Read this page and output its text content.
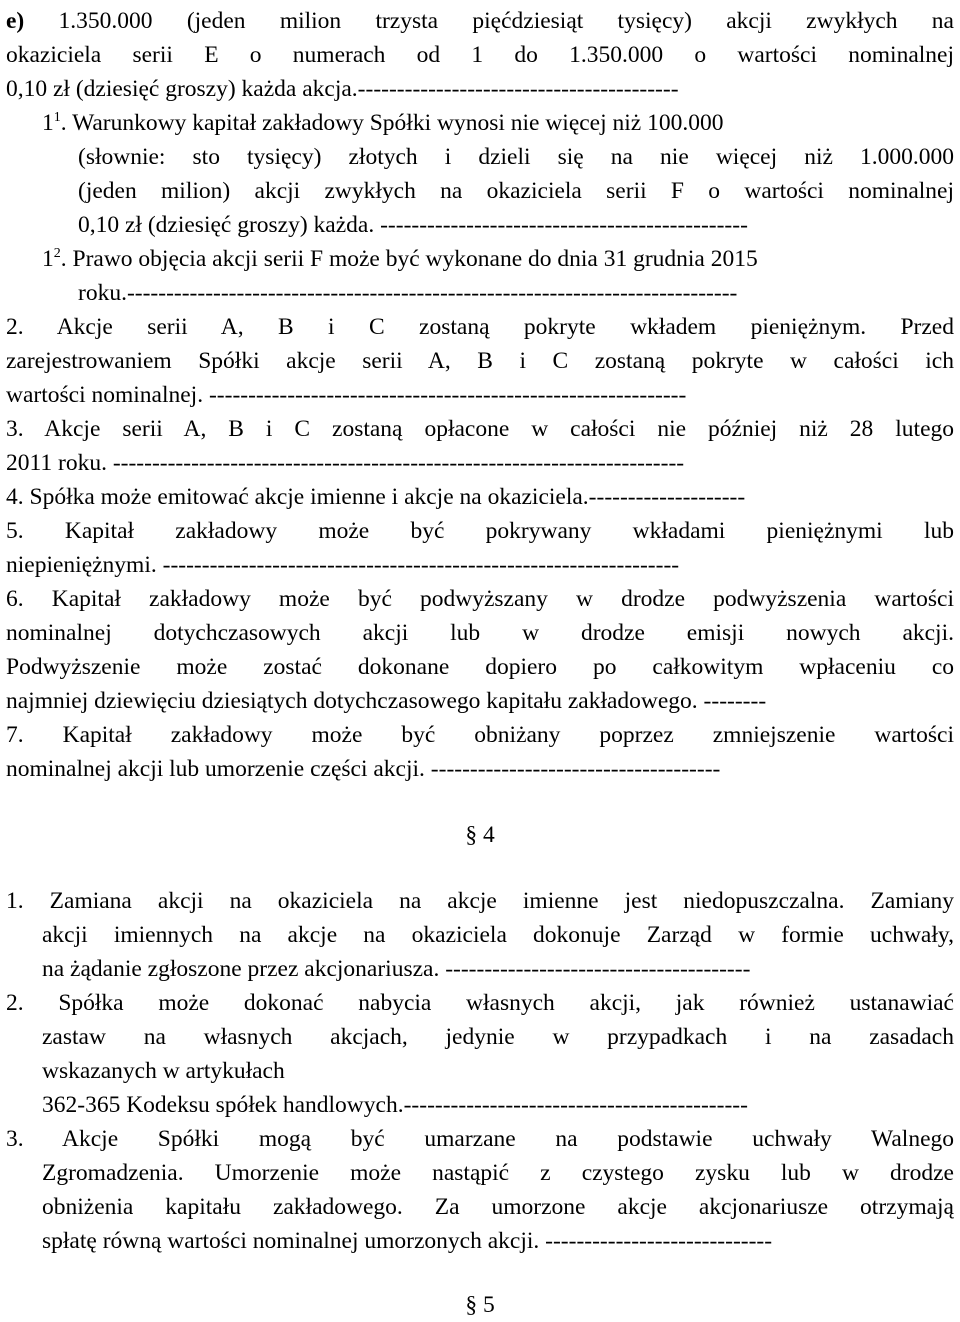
e) 1.350.000 (jeden milion trzysta pięćdziesiąt tysięcy) akcji zwykłych na
okaziciela serii E o numerach od 1 do 1.350.000 o wartości nominalnej
0,10 zł (dziesięć groszy) każda akcja.-----------------------------------------
$1^1$. Warunkowy kapitał zakładowy Spółki wynosi nie więcej niż 100.000
(słownie: sto tysięcy) złotych i dzieli się na nie więcej niż 1.000.000
(jeden milion) akcji zwykłych na okaziciela serii F o wartości nominalnej
0,10 zł (dziesięć groszy) każda. -----------------------------------------------
$1^2$. Prawo objęcia akcji serii F może być wykonane do dnia 31 grudnia 2015
roku.------------------------------------------------------------------------------
2. Akcje serii A, B i C zostaną pokryte wkładem pieniężnym. Przed
zarejestrowaniem Spółki akcje serii A, B i C zostaną pokryte w całości ich
wartości nominalnej. -------------------------------------------------------------
3. Akcje serii A, B i C zostaną opłacone w całości nie później niż 28 lutego
2011 roku. -------------------------------------------------------------------------
4. Spółka może emitować akcje imienne i akcje na okaziciela.--------------------
5. Kapitał zakładowy może być pokrywany wkładami pieniężnymi lub
niepieniężnymi. ------------------------------------------------------------------
6. Kapitał zakładowy może być podwyższany w drodze podwyższenia wartości
nominalnej dotychczasowych akcji lub w drodze emisji nowych akcji.
Podwyższenie może zostać dokonane dopiero po całkowitym wpłaceniu co
najmniej dziewięciu dziesiątych dotychczasowego kapitału zakładowego. --------
7. Kapitał zakładowy może być obniżany poprzez zmniejszenie wartości
nominalnej akcji lub umorzenie części akcji. -------------------------------------
§ 4
1. Zamiana akcji na okaziciela na akcje imienne jest niedopuszczalna. Zamiany
akcji imiennych na akcje na okaziciela dokonuje Zarząd w formie uchwały,
na żądanie zgłoszone przez akcjonariusza. ---------------------------------------
2. Spółka może dokonać nabycia własnych akcji, jak również ustanawiać
zastaw na własnych akcjach, jedynie w przypadkach i na zasadach
wskazanych w artykułach
362-365 Kodeksu spółek handlowych.--------------------------------------------
3. Akcje Spółki mogą być umarzane na podstawie uchwały Walnego
Zgromadzenia. Umorzenie może nastąpić z czystego zysku lub w drodze
obniżenia kapitału zakładowego. Za umorzone akcje akcjonariusze otrzymają
spłatę równą wartości nominalnej umorzonych akcji. -----------------------------
§ 5
